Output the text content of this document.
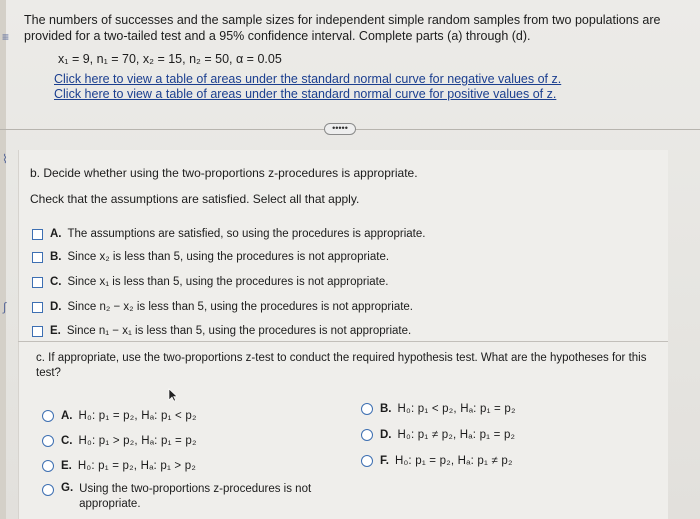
≡
⌇
∫
The numbers of successes and the sample sizes for independent simple random samples from two populations are provided for a two-tailed test and a 95% confidence interval. Complete parts (a) through (d).
x₁ = 9, n₁ = 70, x₂ = 15, n₂ = 50, α = 0.05
Click here to view a table of areas under the standard normal curve for negative values of z.
Click here to view a table of areas under the standard normal curve for positive values of z.
•••••
b. Decide whether using the two-proportions z-procedures is appropriate.
Check that the assumptions are satisfied. Select all that apply.
A. The assumptions are satisfied, so using the procedures is appropriate.
B. Since x₂ is less than 5, using the procedures is not appropriate.
C. Since x₁ is less than 5, using the procedures is not appropriate.
D. Since n₂ − x₂ is less than 5, using the procedures is not appropriate.
E. Since n₁ − x₁ is less than 5, using the procedures is not appropriate.
c. If appropriate, use the two-proportions z-test to conduct the required hypothesis test. What are the hypotheses for this
test?
A. H₀: p₁ = p₂, Hₐ: p₁ < p₂
B. H₀: p₁ < p₂, Hₐ: p₁ = p₂
C. H₀: p₁ > p₂, Hₐ: p₁ = p₂	D. H₀: p₁ ≠ p₂, Hₐ: p₁ = p₂
E. H₀: p₁ = p₂, Hₐ: p₁ > p₂	F. H₀: p₁ = p₂, Hₐ: p₁ ≠ p₂
G. Using the two-proportions z-procedures is not
appropriate.
